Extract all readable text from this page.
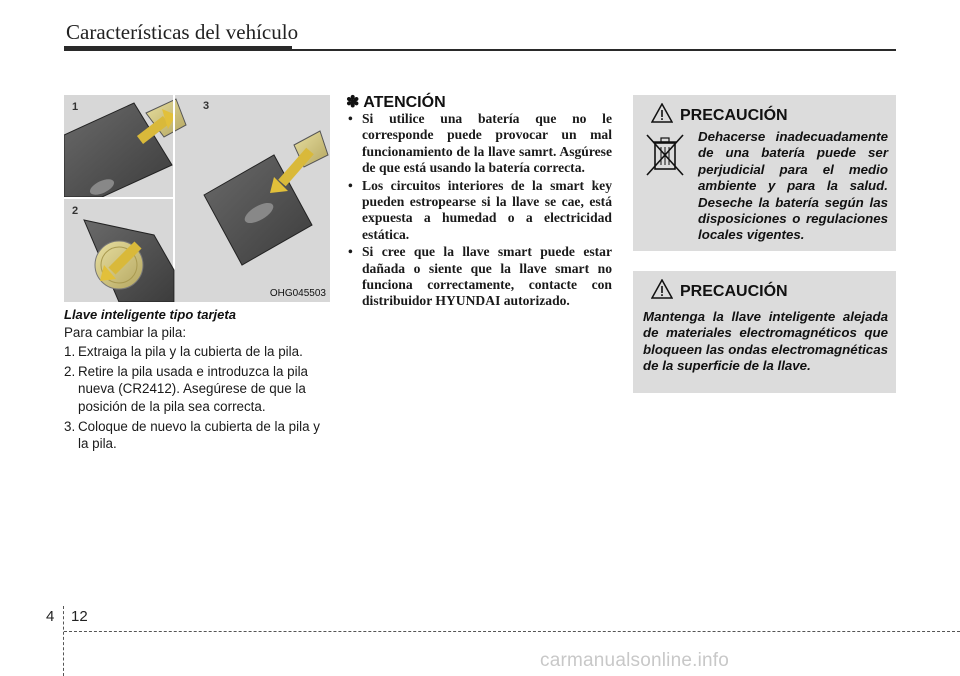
Características del vehículo
1
2
3
OHG045503
Llave inteligente tipo tarjeta
Para cambiar la pila:
1. Extraiga la pila y la cubierta de la pila.
2. Retire la pila usada e introduzca la pila nueva (CR2412). Asegúrese de que la posición de la pila sea correcta.
3. Coloque de nuevo la cubierta de la pila y la pila.
✽ ATENCIÓN
• Si utilice una batería que no le corresponde puede provocar un mal funcionamiento de la llave samrt. Asgúrese de que está usando la batería correcta.
• Los circuitos interiores de la smart key pueden estropearse si la llave se cae, está expuesta a humedad o a electricidad estática.
• Si cree que la llave smart puede estar dañada o siente que la llave smart no funciona correctamente, contacte con distribuidor HYUNDAI autorizado.
PRECAUCIÓN
Dehacerse inadecuadamente de una batería puede ser perjudicial para el medio ambiente y para la salud. Deseche la batería según las disposiciones o regulaciones locales vigentes.
PRECAUCIÓN
Mantenga la llave inteligente alejada de materiales electromagnéticos que bloqueen las ondas electromagnéticas de la superficie de la llave.
4 12
carmanualsonline.info
